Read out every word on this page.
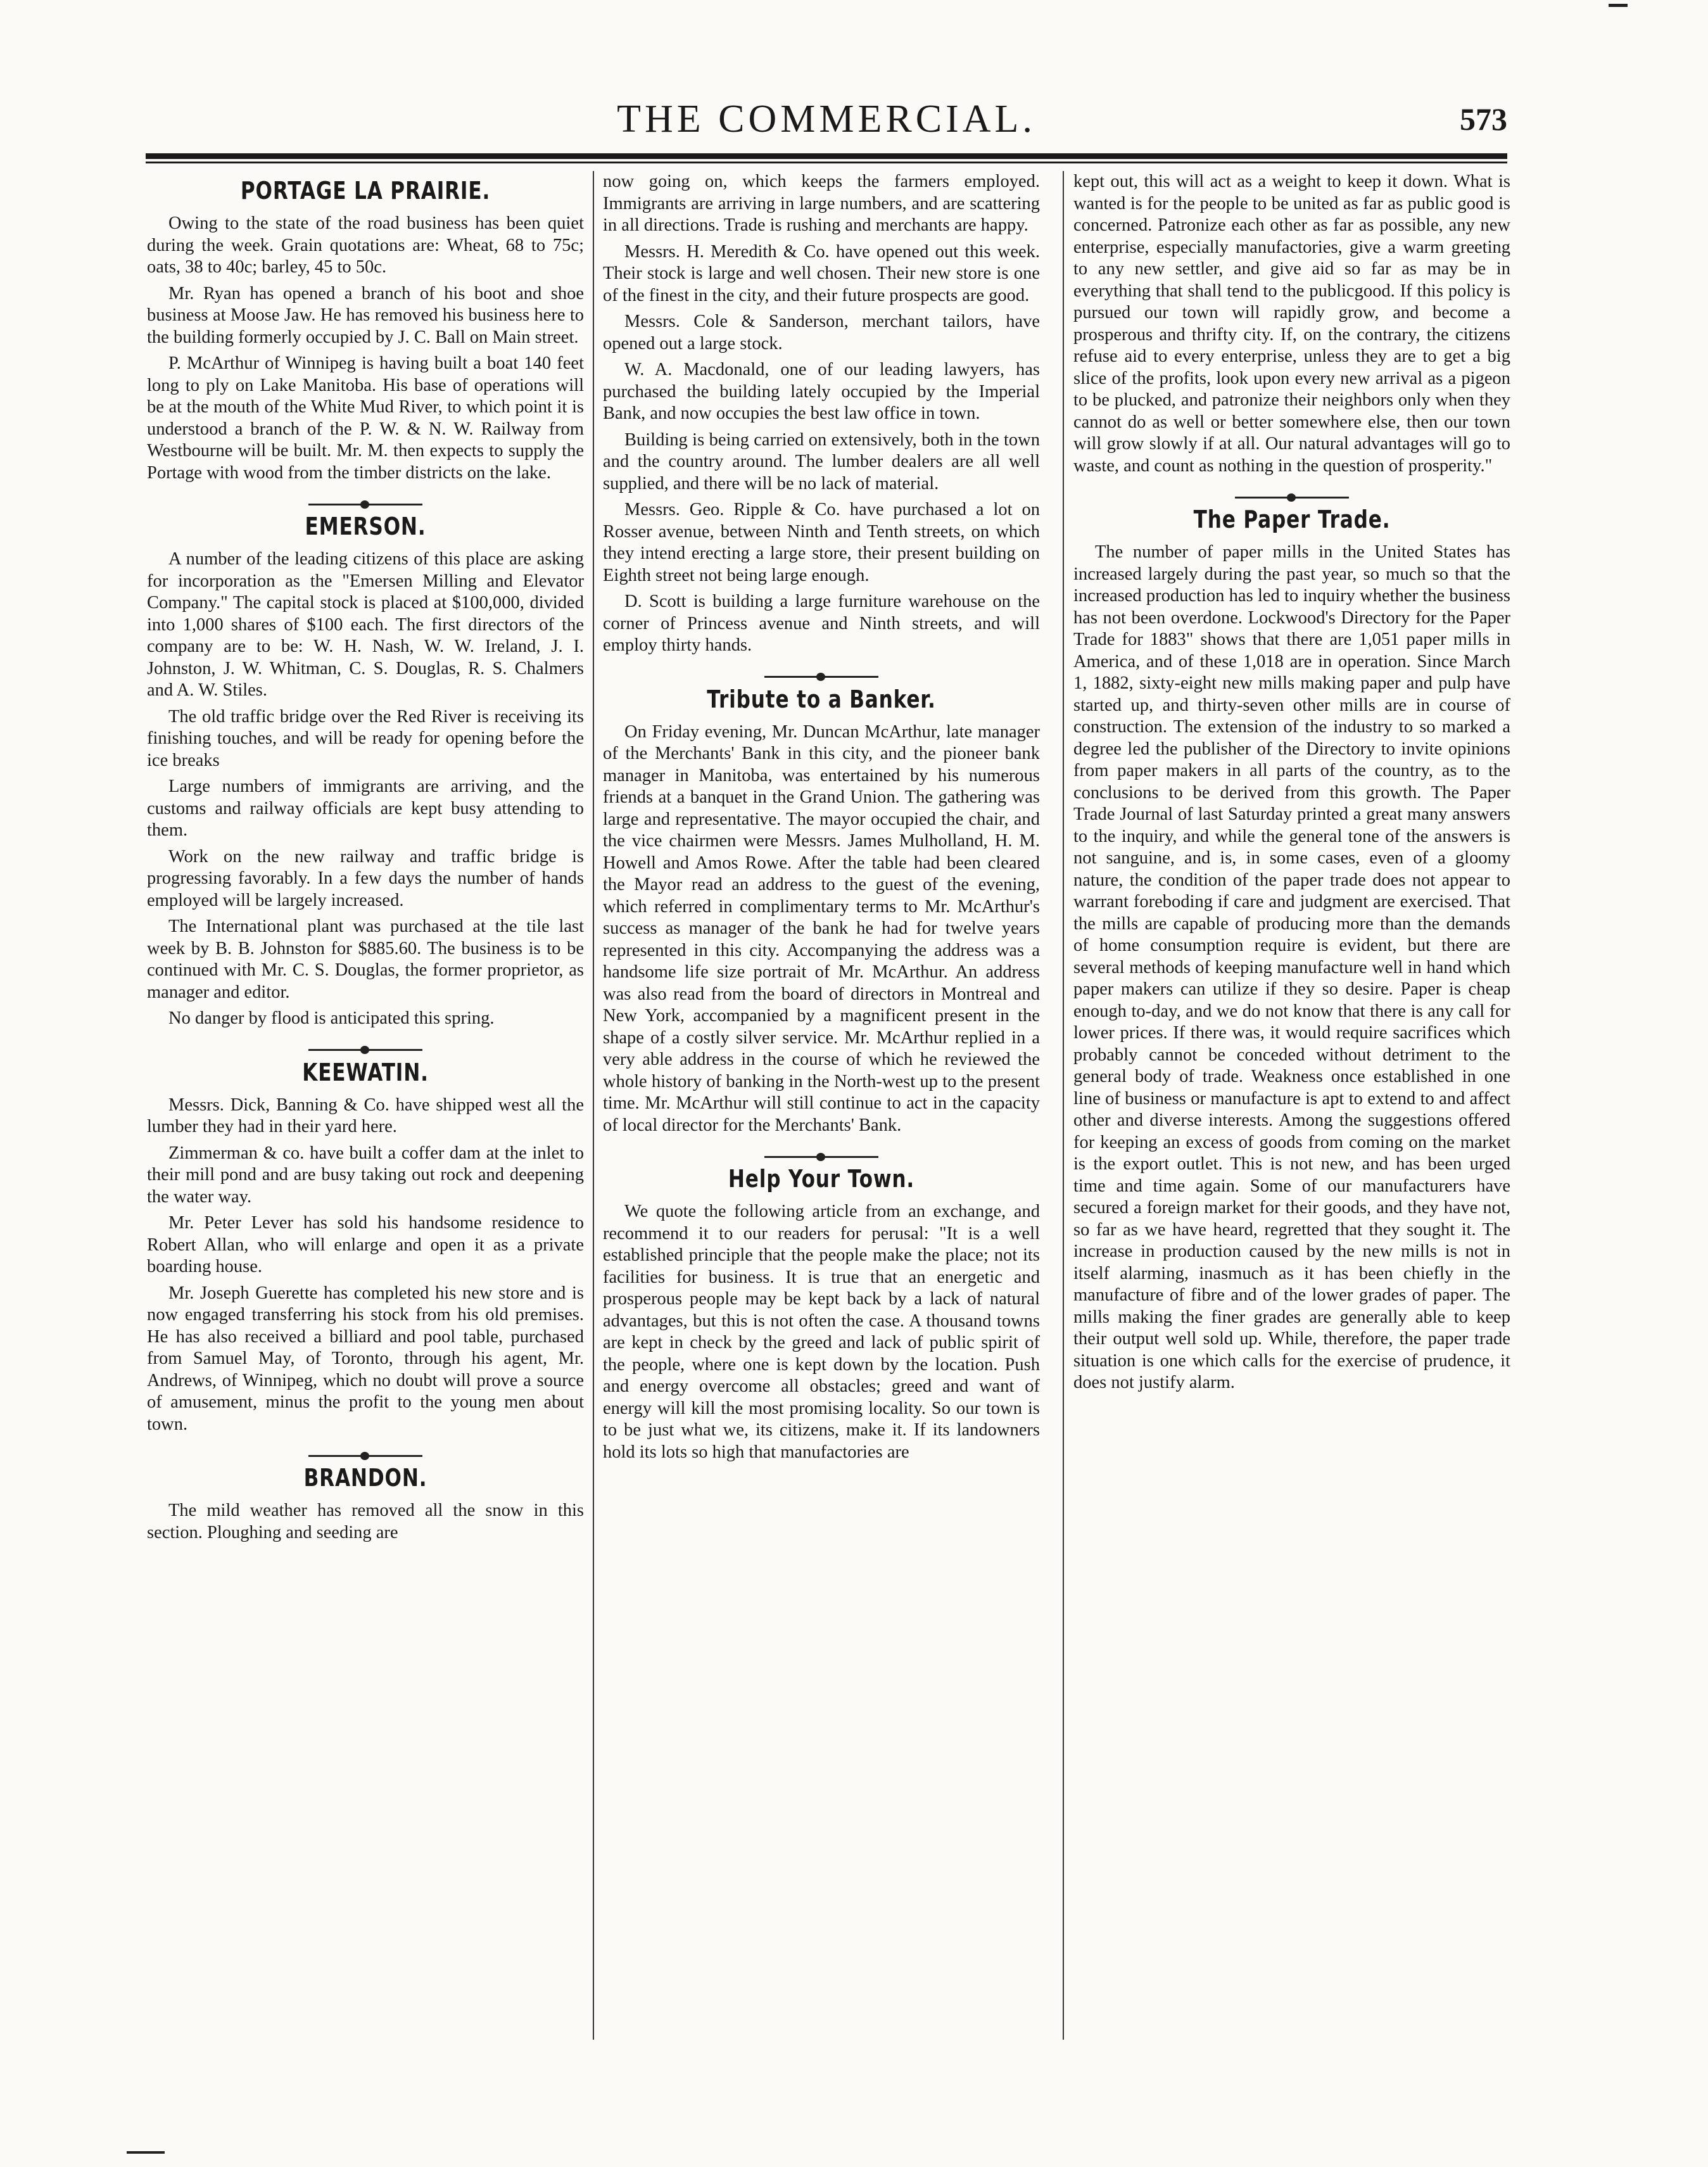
THE COMMERCIAL.	573
PORTAGE LA PRAIRIE.

Owing to the state of the road business has been quiet during the week. Grain quotations are: Wheat, 68 to 75c; oats, 38 to 40c; barley, 45 to 50c.

Mr. Ryan has opened a branch of his boot and shoe business at Moose Jaw. He has removed his business here to the building formerly occupied by J. C. Ball on Main street.

P. McArthur of Winnipeg is having built a boat 140 feet long to ply on Lake Manitoba. His base of operations will be at the mouth of the White Mud River, to which point it is understood a branch of the P. W. & N. W. Railway from Westbourne will be built. Mr. M. then expects to supply the Portage with wood from the timber districts on the lake.

EMERSON.

A number of the leading citizens of this place are asking for incorporation as the "Emersen Milling and Elevator Company." The capital stock is placed at $100,000, divided into 1,000 shares of $100 each. The first directors of the company are to be: W. H. Nash, W. W. Ireland, J. I. Johnston, J. W. Whitman, C. S. Douglas, R. S. Chalmers and A. W. Stiles.

The old traffic bridge over the Red River is receiving its finishing touches, and will be ready for opening before the ice breaks

Large numbers of immigrants are arriving, and the customs and railway officials are kept busy attending to them.

Work on the new railway and traffic bridge is progressing favorably. In a few days the number of hands employed will be largely increased.

The International plant was purchased at the tile last week by B. B. Johnston for $885.60. The business is to be continued with Mr. C. S. Douglas, the former proprietor, as manager and editor.

No danger by flood is anticipated this spring.

KEEWATIN.

Messrs. Dick, Banning & Co. have shipped west all the lumber they had in their yard here.

Zimmerman & co. have built a coffer dam at the inlet to their mill pond and are busy taking out rock and deepening the water way.

Mr. Peter Lever has sold his handsome residence to Robert Allan, who will enlarge and open it as a private boarding house.

Mr. Joseph Guerette has completed his new store and is now engaged transferring his stock from his old premises. He has also received a billiard and pool table, purchased from Samuel May, of Toronto, through his agent, Mr. Andrews, of Winnipeg, which no doubt will prove a source of amusement, minus the profit to the young men about town.

BRANDON.

The mild weather has removed all the snow in this section. Ploughing and seeding are

now going on, which keeps the farmers employed. Immigrants are arriving in large numbers, and are scattering in all directions. Trade is rushing and merchants are happy.

Messrs. H. Meredith & Co. have opened out this week. Their stock is large and well chosen. Their new store is one of the finest in the city, and their future prospects are good.

Messrs. Cole & Sanderson, merchant tailors, have opened out a large stock.

W. A. Macdonald, one of our leading lawyers, has purchased the building lately occupied by the Imperial Bank, and now occupies the best law office in town.

Building is being carried on extensively, both in the town and the country around. The lumber dealers are all well supplied, and there will be no lack of material.

Messrs. Geo. Ripple & Co. have purchased a lot on Rosser avenue, between Ninth and Tenth streets, on which they intend erecting a large store, their present building on Eighth street not being large enough.

D. Scott is building a large furniture warehouse on the corner of Princess avenue and Ninth streets, and will employ thirty hands.

Tribute to a Banker.

On Friday evening, Mr. Duncan McArthur, late manager of the Merchants' Bank in this city, and the pioneer bank manager in Manitoba, was entertained by his numerous friends at a banquet in the Grand Union. The gathering was large and representative. The mayor occupied the chair, and the vice chairmen were Messrs. James Mulholland, H. M. Howell and Amos Rowe. After the table had been cleared the Mayor read an address to the guest of the evening, which referred in complimentary terms to Mr. McArthur's success as manager of the bank he had for twelve years represented in this city. Accompanying the address was a handsome life size portrait of Mr. McArthur. An address was also read from the board of directors in Montreal and New York, accompanied by a magnificent present in the shape of a costly silver service. Mr. McArthur replied in a very able address in the course of which he reviewed the whole history of banking in the North-west up to the present time. Mr. McArthur will still continue to act in the capacity of local director for the Merchants' Bank.

Help Your Town.

We quote the following article from an exchange, and recommend it to our readers for perusal: "It is a well established principle that the people make the place; not its facilities for business. It is true that an energetic and prosperous people may be kept back by a lack of natural advantages, but this is not often the case. A thousand towns are kept in check by the greed and lack of public spirit of the people, where one is kept down by the location. Push and energy overcome all obstacles; greed and want of energy will kill the most promising locality. So our town is to be just what we, its citizens, make it. If its landowners hold its lots so high that manufactories are

kept out, this will act as a weight to keep it down. What is wanted is for the people to be united as far as public good is concerned. Patronize each other as far as possible, any new enterprise, especially manufactories, give a warm greeting to any new settler, and give aid so far as may be in everything that shall tend to the publicgood. If this policy is pursued our town will rapidly grow, and become a prosperous and thrifty city. If, on the contrary, the citizens refuse aid to every enterprise, unless they are to get a big slice of the profits, look upon every new arrival as a pigeon to be plucked, and patronize their neighbors only when they cannot do as well or better somewhere else, then our town will grow slowly if at all. Our natural advantages will go to waste, and count as nothing in the question of prosperity."

The Paper Trade.

The number of paper mills in the United States has increased largely during the past year, so much so that the increased production has led to inquiry whether the business has not been overdone. Lockwood's Directory for the Paper Trade for 1883" shows that there are 1,051 paper mills in America, and of these 1,018 are in operation. Since March 1, 1882, sixty-eight new mills making paper and pulp have started up, and thirty-seven other mills are in course of construction. The extension of the industry to so marked a degree led the publisher of the Directory to invite opinions from paper makers in all parts of the country, as to the conclusions to be derived from this growth. The Paper Trade Journal of last Saturday printed a great many answers to the inquiry, and while the general tone of the answers is not sanguine, and is, in some cases, even of a gloomy nature, the condition of the paper trade does not appear to warrant foreboding if care and judgment are exercised. That the mills are capable of producing more than the demands of home consumption require is evident, but there are several methods of keeping manufacture well in hand which paper makers can utilize if they so desire. Paper is cheap enough to-day, and we do not know that there is any call for lower prices. If there was, it would require sacrifices which probably cannot be conceded without detriment to the general body of trade. Weakness once established in one line of business or manufacture is apt to extend to and affect other and diverse interests. Among the suggestions offered for keeping an excess of goods from coming on the market is the export outlet. This is not new, and has been urged time and time again. Some of our manufacturers have secured a foreign market for their goods, and they have not, so far as we have heard, regretted that they sought it. The increase in production caused by the new mills is not in itself alarming, inasmuch as it has been chiefly in the manufacture of fibre and of the lower grades of paper. The mills making the finer grades are generally able to keep their output well sold up. While, therefore, the paper trade situation is one which calls for the exercise of prudence, it does not justify alarm.
